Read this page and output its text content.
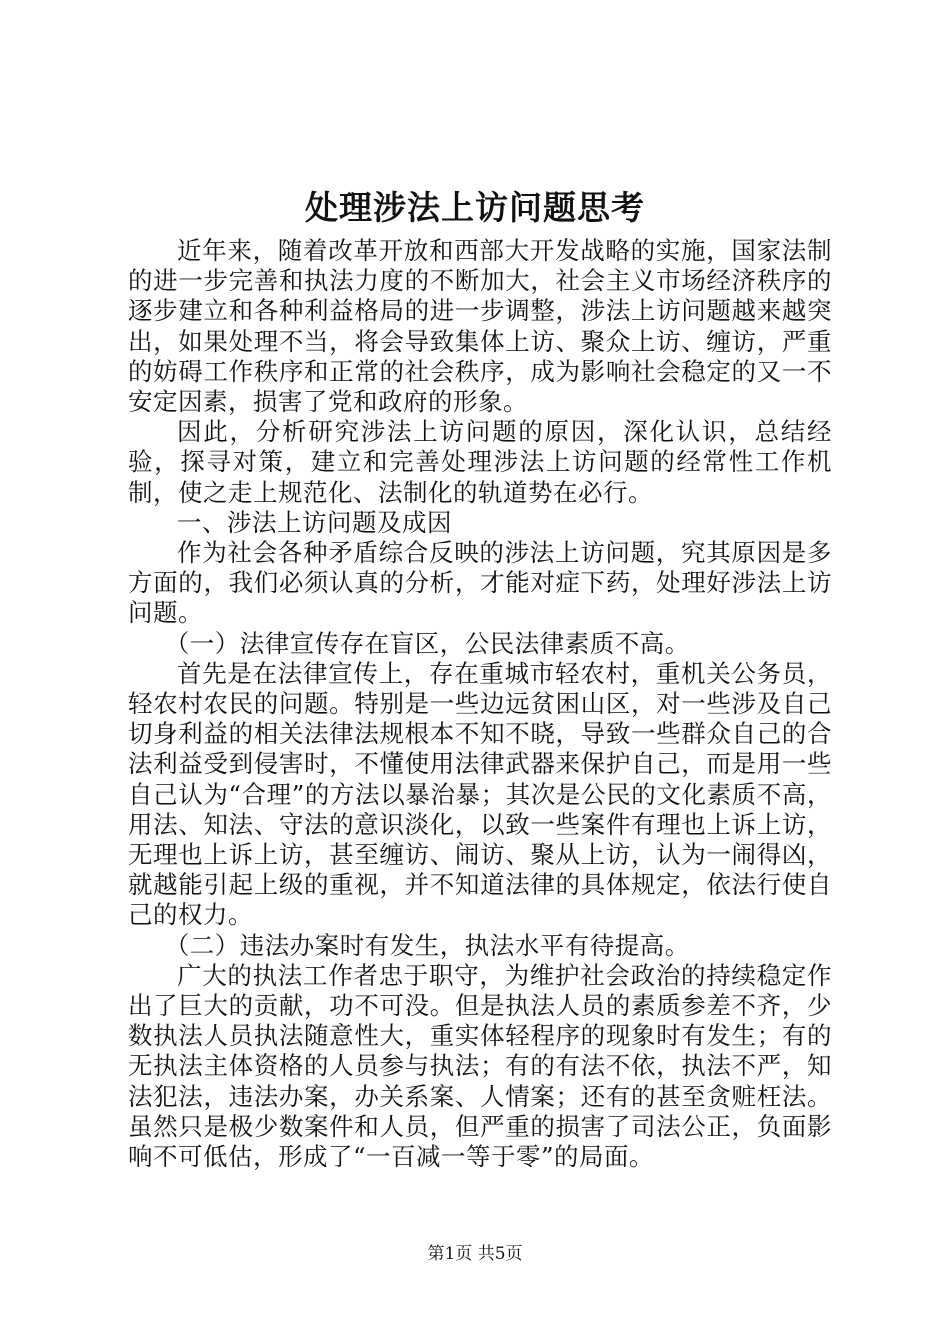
处理涉法上访问题思考

近年来，随着改革开放和西部大开发战略的实施，国家法制的进一步完善和执法力度的不断加大，社会主义市场经济秩序的逐步建立和各种利益格局的进一步调整，涉法上访问题越来越突出，如果处理不当，将会导致集体上访、聚众上访、缠访，严重的妨碍工作秩序和正常的社会秩序，成为影响社会稳定的又一不安定因素，损害了党和政府的形象。

因此，分析研究涉法上访问题的原因，深化认识，总结经验，探寻对策，建立和完善处理涉法上访问题的经常性工作机制，使之走上规范化、法制化的轨道势在必行。

一、涉法上访问题及成因

作为社会各种矛盾综合反映的涉法上访问题，究其原因是多方面的，我们必须认真的分析，才能对症下药，处理好涉法上访问题。

（一）法律宣传存在盲区，公民法律素质不高。

首先是在法律宣传上，存在重城市轻农村，重机关公务员，轻农村农民的问题。特别是一些边远贫困山区，对一些涉及自己切身利益的相关法律法规根本不知不晓，导致一些群众自己的合法利益受到侵害时，不懂使用法律武器来保护自己，而是用一些自己认为“合理”的方法以暴治暴；其次是公民的文化素质不高，用法、知法、守法的意识淡化，以致一些案件有理也上诉上访，无理也上诉上访，甚至缠访、闹访、聚从上访，认为一闹得凶，就越能引起上级的重视，并不知道法律的具体规定，依法行使自己的权力。

（二）违法办案时有发生，执法水平有待提高。

广大的执法工作者忠于职守，为维护社会政治的持续稳定作出了巨大的贡献，功不可没。但是执法人员的素质参差不齐，少数执法人员执法随意性大，重实体轻程序的现象时有发生；有的无执法主体资格的人员参与执法；有的有法不依，执法不严，知法犯法，违法办案，办关系案、人情案；还有的甚至贪赃枉法。虽然只是极少数案件和人员，但严重的损害了司法公正，负面影响不可低估，形成了“一百减一等于零”的局面。

第1页 共5页
